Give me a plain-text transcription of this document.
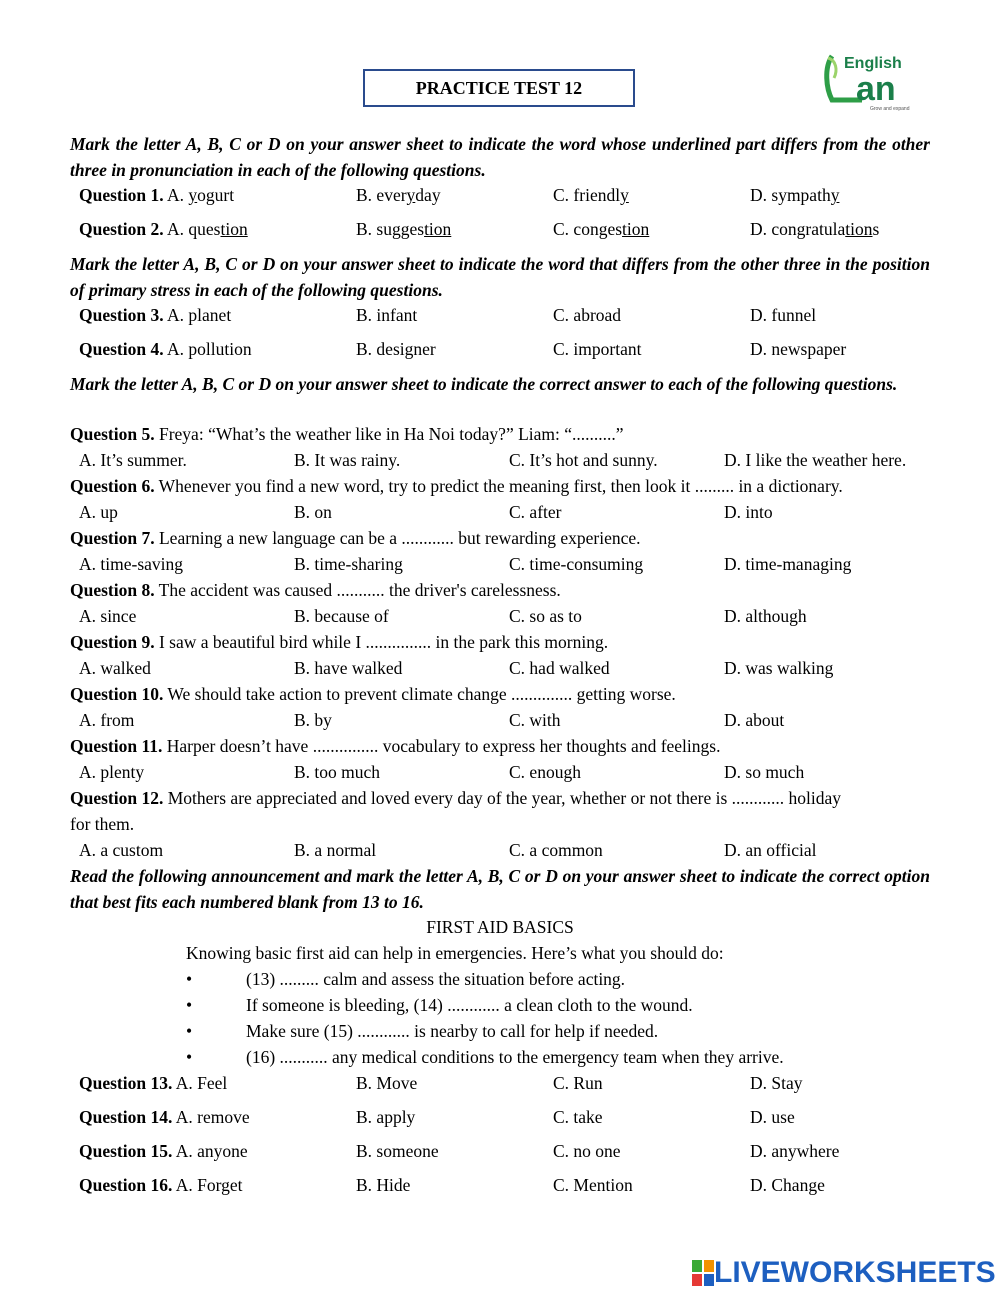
PRACTICE TEST 12
English
an
Grow and expand
Mark the letter A, B, C or D on your answer sheet to indicate the word whose underlined part differs from the other three in pronunciation in each of the following questions.
Question 1. A. yogurt	B. everyday	C. friendly	D. sympathy
Question 2. A. question	B. suggestion	C. congestion	D. congratulations
Mark the letter A, B, C or D on your answer sheet to indicate the word that differs from the other three in the position of primary stress in each of the following questions.
Question 3. A. planet	B. infant	C. abroad	D. funnel
Question 4. A. pollution	B. designer	C. important	D. newspaper
Mark the letter A, B, C or D on your answer sheet to indicate the correct answer to each of the following questions.
Question 5. Freya: “What’s the weather like in Ha Noi today?” Liam: “..........”
A. It’s summer.	B. It was rainy.	C. It’s hot and sunny.	D. I like the weather here.
Question 6. Whenever you find a new word, try to predict the meaning first, then look it ......... in a dictionary.
A. up	B. on	C. after	D. into
Question 7. Learning a new language can be a ............ but rewarding experience.
A. time-saving	B. time-sharing	C. time-consuming	D. time-managing
Question 8. The accident was caused ........... the driver's carelessness.
A. since	B. because of	C. so as to	D. although
Question 9. I saw a beautiful bird while I ............... in the park this morning.
A. walked	B. have walked	C. had walked	D. was walking
Question 10. We should take action to prevent climate change .............. getting worse.
A. from	B. by	C. with	D. about
Question 11. Harper doesn’t have ............... vocabulary to express her thoughts and feelings.
A. plenty	B. too much	C. enough	D. so much
Question 12. Mothers are appreciated and loved every day of the year, whether or not there is ............ holiday
for them.
A. a custom	B. a normal	C. a common	D. an official
Read the following announcement and mark the letter A, B, C or D on your answer sheet to indicate the correct option that best fits each numbered blank from 13 to 16.
FIRST AID BASICS
Knowing basic first aid can help in emergencies. Here’s what you should do:
•	(13) ......... calm and assess the situation before acting.
•	If someone is bleeding, (14) ............ a clean cloth to the wound.
•	Make sure (15) ............ is nearby to call for help if needed.
•	(16) ........... any medical conditions to the emergency team when they arrive.
Question 13. A. Feel	B. Move	C. Run	D. Stay
Question 14. A. remove	B. apply	C. take	D. use
Question 15. A. anyone	B. someone	C. no one	D. anywhere
Question 16. A. Forget	B. Hide	C. Mention	D. Change
LIVEWORKSHEETS
